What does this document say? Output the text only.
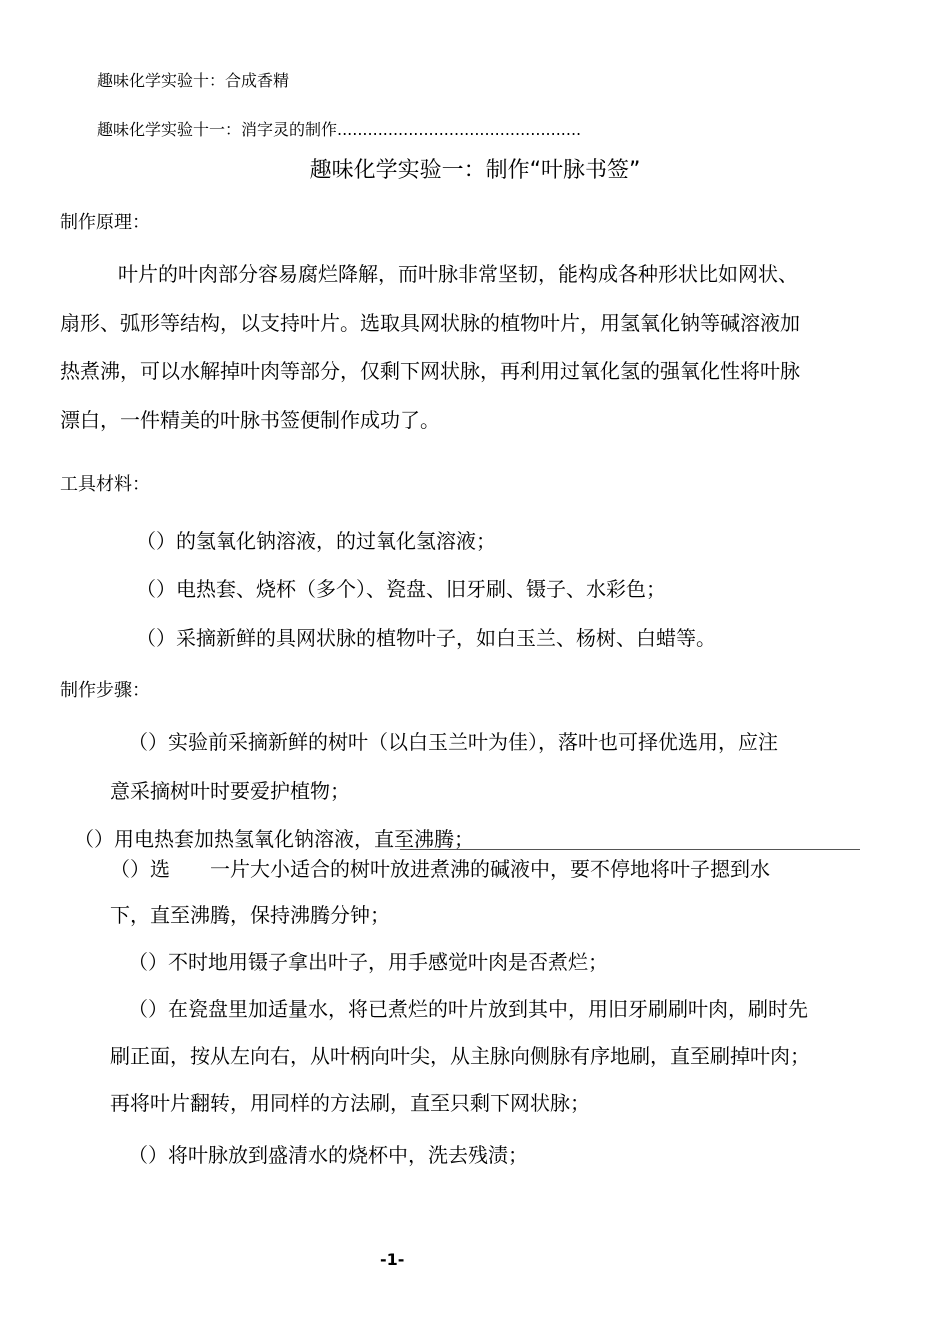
趣味化学实验十：合成香精
趣味化学实验十一：消字灵的制作................................................
趣味化学实验一：制作“叶脉书签”
制作原理：
叶片的叶肉部分容易腐烂降解，而叶脉非常坚韧，能构成各种形状比如网状、
扇形、弧形等结构，以支持叶片。选取具网状脉的植物叶片，用氢氧化钠等碱溶液加
热煮沸，可以水解掉叶肉等部分，仅剩下网状脉，再利用过氧化氢的强氧化性将叶脉
漂白，一件精美的叶脉书签便制作成功了。
工具材料：
（）的氢氧化钠溶液，的过氧化氢溶液；
（）电热套、烧杯（多个）、瓷盘、旧牙刷、镊子、水彩色；
（）采摘新鲜的具网状脉的植物叶子，如白玉兰、杨树、白蜡等。
制作步骤：
（）实验前采摘新鲜的树叶（以白玉兰叶为佳），落叶也可择优选用，应注
意采摘树叶时要爱护植物；
（）用电热套加热氢氧化钠溶液，直至沸腾；
（）选　　一片大小适合的树叶放进煮沸的碱液中，要不停地将叶子摁到水
下，直至沸腾，保持沸腾分钟；
（）不时地用镊子拿出叶子，用手感觉叶肉是否煮烂；
（）在瓷盘里加适量水，将已煮烂的叶片放到其中，用旧牙刷刷叶肉，刷时先
刷正面，按从左向右，从叶柄向叶尖，从主脉向侧脉有序地刷，直至刷掉叶肉；
再将叶片翻转，用同样的方法刷，直至只剩下网状脉；
（）将叶脉放到盛清水的烧杯中，洗去残渍；
-1-
